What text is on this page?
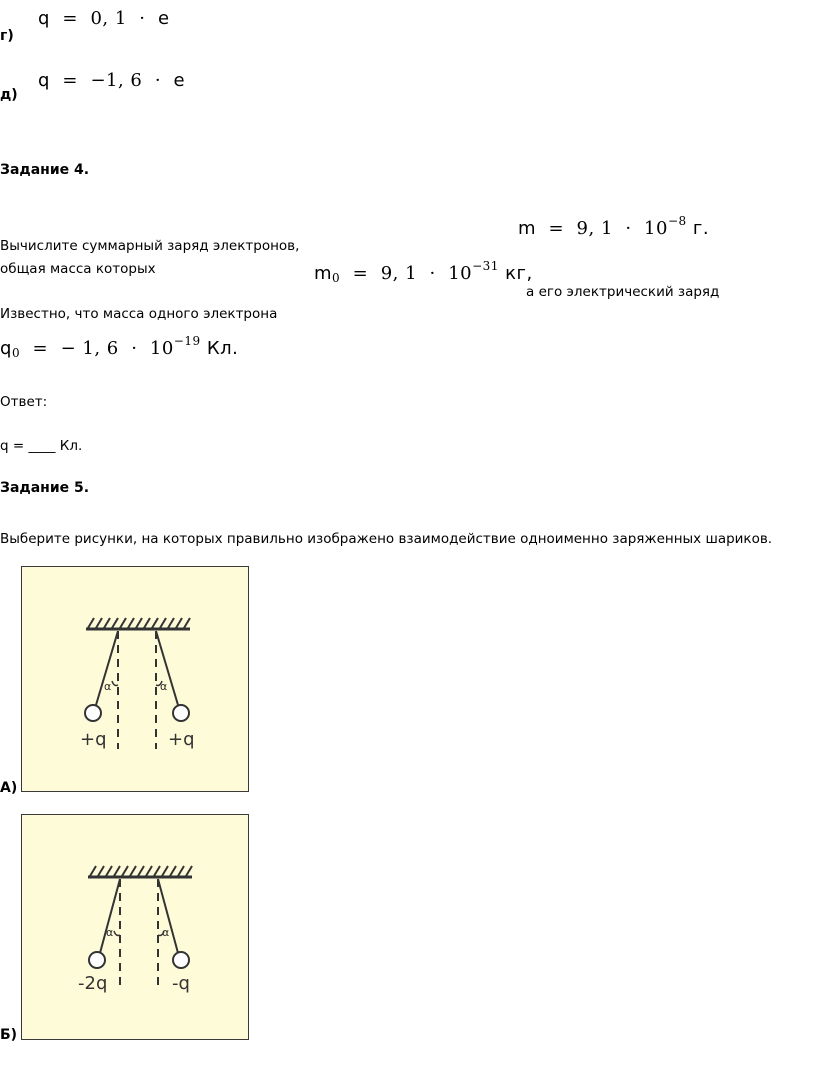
г)
q = 0, 1 · e
д)
q = −1, 6 · e
Задание 4.
m = 9, $1 \cdot 10^{-8}$ г.
Вычислите суммарный заряд электронов,
общая масса которых	$m_0 = 9$, $1 \cdot 10^{-31}$ кг,
а его электрический заряд
Известно, что масса одного электрона
$q_0$ = − 1, $6 \cdot 10^{-19}$ Кл.
Ответ:
q = ____ Кл.
Задание 5.
Выберите рисунки, на которых правильно изображено взаимодействие одноименно заряженных шариков.
А)
α	α
+q	+q
Б)
α	α
-2q	-q
